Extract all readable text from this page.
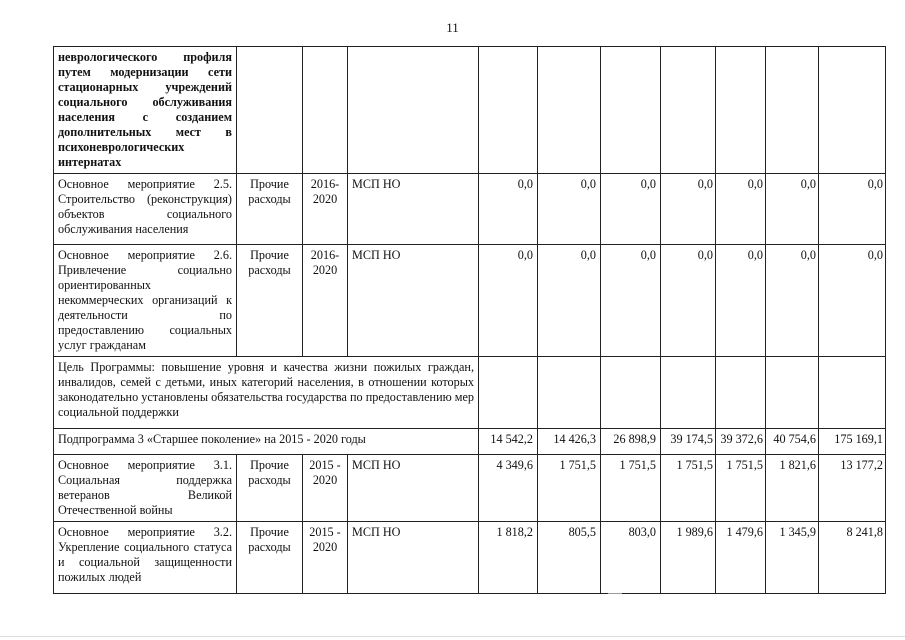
11
неврологического профиля путем модернизации сети стационарных учреждений социального обслуживания населения с созданием дополнительных мест в психоневрологических интернатах										
Основное мероприятие 2.5. Строительство (реконструкция) объектов социального обслуживания населения	Прочие расходы	2016-2020	МСП НО	0,0	0,0	0,0	0,0	0,0	0,0	0,0
Основное мероприятие 2.6. Привлечение социально ориентированных некоммерческих организаций к деятельности по предоставлению социальных услуг гражданам	Прочие расходы	2016-2020	МСП НО	0,0	0,0	0,0	0,0	0,0	0,0	0,0
Цель Программы: повышение уровня и качества жизни пожилых граждан, инвалидов, семей с детьми, иных категорий населения, в отношении которых законодательно установлены обязательства государства по предоставлению мер социальной поддержки										
Подпрограмма 3 «Старшее поколение» на 2015 - 2020 годы				14 542,2	14 426,3	26 898,9	39 174,5	39 372,6	40 754,6	175 169,1
Основное мероприятие 3.1. Социальная поддержка ветеранов Великой Отечественной войны	Прочие расходы	2015 - 2020	МСП НО	4 349,6	1 751,5	1 751,5	1 751,5	1 751,5	1 821,6	13 177,2
Основное мероприятие 3.2. Укрепление социального статуса и социальной защищенности пожилых людей	Прочие расходы	2015 - 2020	МСП НО	1 818,2	805,5	803,0	1 989,6	1 479,6	1 345,9	8 241,8
